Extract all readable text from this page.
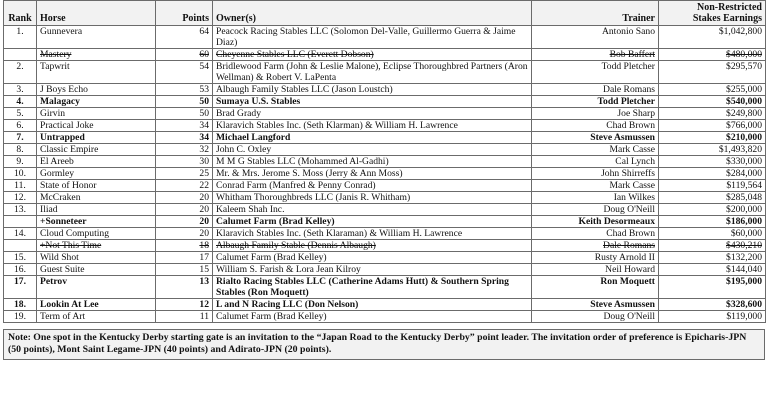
Rank	Horse	Points	Owner(s)	Trainer	Non-Restricted
Stakes Earnings

1.	Gunnevera	64	Peacock Racing Stables LLC (Solomon Del-Valle, Guillermo Guerra & Jaime Diaz)	Antonio Sano	$1,042,800
	Mastery	60	Cheyenne Stables LLC (Everett Dobson)	Bob Baffert	$480,000
2.	Tapwrit	54	Bridlewood Farm (John & Leslie Malone), Eclipse Thoroughbred Partners (Aron Wellman) & Robert V. LaPenta	Todd Pletcher	$295,570
3.	J Boys Echo	53	Albaugh Family Stables LLC (Jason Loustch)	Dale Romans	$255,000
4.	Malagacy	50	Sumaya U.S. Stables	Todd Pletcher	$540,000
5.	Girvin	50	Brad Grady	Joe Sharp	$249,800
6.	Practical Joke	34	Klaravich Stables Inc. (Seth Klarman) & William H. Lawrence	Chad Brown	$766,000
7.	Untrapped	34	Michael Langford	Steve Asmussen	$210,000
8.	Classic Empire	32	John C. Oxley	Mark Casse	$1,493,820
9.	El Areeb	30	M M G Stables LLC (Mohammed Al-Gadhi)	Cal Lynch	$330,000
10.	Gormley	25	Mr. & Mrs. Jerome S. Moss (Jerry & Ann Moss)	John Shirreffs	$284,000
11.	State of Honor	22	Conrad Farm (Manfred & Penny Conrad)	Mark Casse	$119,564
12.	McCraken	20	Whitham Thoroughbreds LLC (Janis R. Whitham)	Ian Wilkes	$285,048
13.	Iliad	20	Kaleem Shah Inc.	Doug O'Neill	$200,000
	+Sonneteer	20	Calumet Farm (Brad Kelley)	Keith Desormeaux	$186,000
14.	Cloud Computing	20	Klaravich Stables Inc. (Seth Klaraman) & William H. Lawrence	Chad Brown	$60,000
	+Not This Time	18	Albaugh Family Stable (Dennis Albaugh)	Dale Romans	$430,210
15.	Wild Shot	17	Calumet Farm (Brad Kelley)	Rusty Arnold II	$132,200
16.	Guest Suite	15	William S. Farish & Lora Jean Kilroy	Neil Howard	$144,040
17.	Petrov	13	Rialto Racing Stables LLC (Catherine Adams Hutt) & Southern Spring Stables (Ron Moquett)	Ron Moquett	$195,000
18.	Lookin At Lee	12	L and N Racing LLC (Don Nelson)	Steve Asmussen	$328,600
19.	Term of Art	11	Calumet Farm (Brad Kelley)	Doug O'Neill	$119,000
Note: One spot in the Kentucky Derby starting gate is an invitation to the “Japan Road to the Kentucky Derby” point leader. The invitation order of preference is Epicharis-JPN (50 points), Mont Saint Legame-JPN (40 points) and Adirato-JPN (20 points).
